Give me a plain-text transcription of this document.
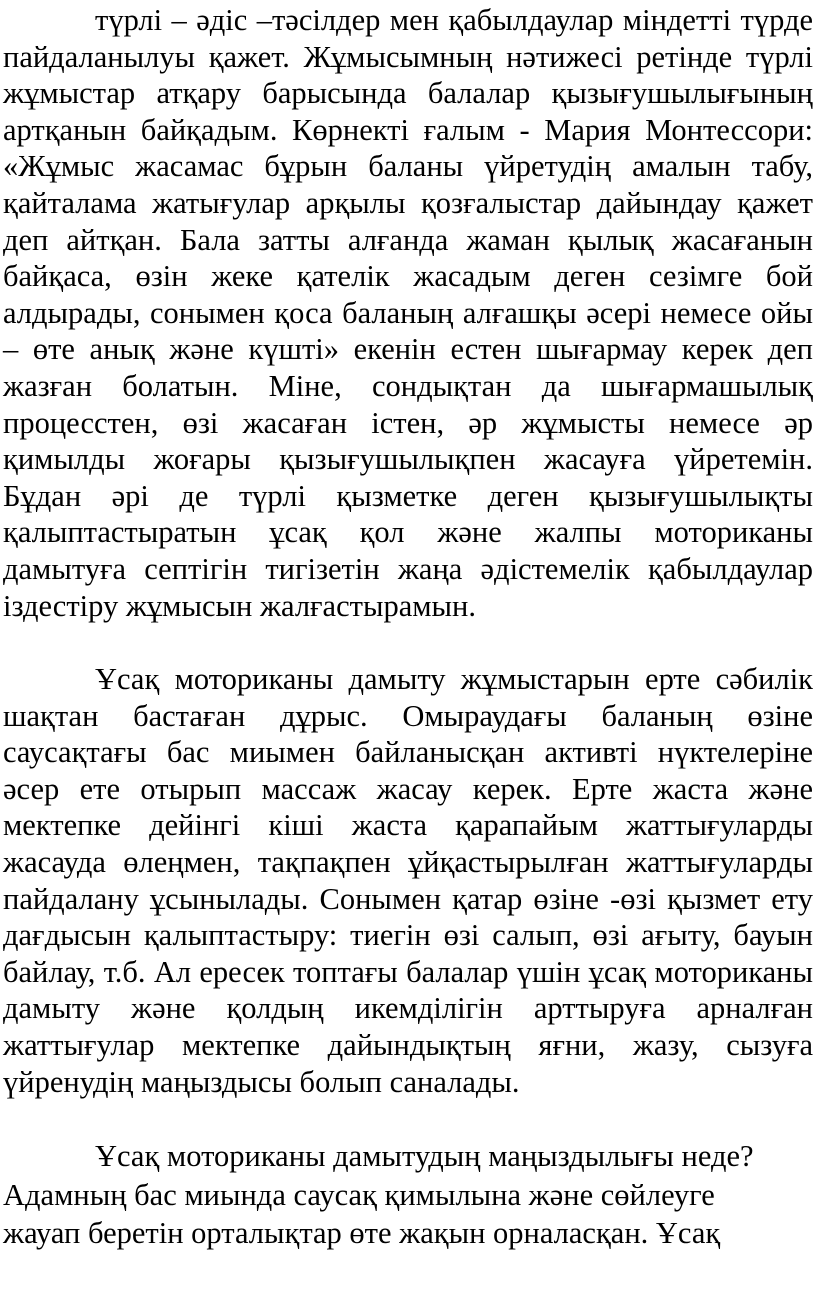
түрлі – әдіс –тәсілдер мен қабылдаулар міндетті түрде пайдаланылуы қажет. Жұмысымның нәтижесі ретінде түрлі жұмыстар атқару барысында балалар қызығушылығының артқанын байқадым. Көрнекті ғалым - Мария Монтессори: «Жұмыс жасамас бұрын баланы үйретудің амалын табу, қайталама жатығулар арқылы қозғалыстар дайындау қажет деп айтқан. Бала затты алғанда жаман қылық жасағанын байқаса, өзін жеке қателік жасадым деген сезімге бой алдырады, сонымен қоса баланың алғашқы әсері немесе ойы – өте анық және күшті» екенін естен шығармау керек деп жазған болатын. Міне, сондықтан да шығармашылық процесстен, өзі жасаған істен, әр жұмысты немесе әр қимылды жоғары қызығушылықпен жасауға үйретемін. Бұдан әрі де түрлі қызметке деген қызығушылықты қалыптастыратын ұсақ қол және жалпы моториканы дамытуға септігін тигізетін жаңа әдістемелік қабылдаулар іздестіру жұмысын жалғастырамын.

Ұсақ моториканы дамыту жұмыстарын ерте сәбилік шақтан бастаған дұрыс. Омыраудағы баланың өзіне саусақтағы бас миымен байланысқан активті нүктелеріне әсер ете отырып массаж жасау керек. Ерте жаста және мектепке дейінгі кіші жаста қарапайым жаттығуларды жасауда өлеңмен, тақпақпен ұйқастырылған жаттығуларды пайдалану ұсынылады. Сонымен қатар өзіне -өзі қызмет ету дағдысын қалыптастыру: тиегін өзі салып, өзі ағыту, бауын байлау, т.б. Ал ересек топтағы балалар үшін ұсақ моториканы дамыту және қолдың икемділігін арттыруға арналған жаттығулар мектепке дайындықтың яғни, жазу, сызуға үйренудің маңыздысы болып саналады.

Ұсақ моториканы дамытудың маңыздылығы неде?
Адамның бас миында саусақ қимылына және сөйлеуге
жауап беретін орталықтар өте жақын орналасқан. Ұсақ
